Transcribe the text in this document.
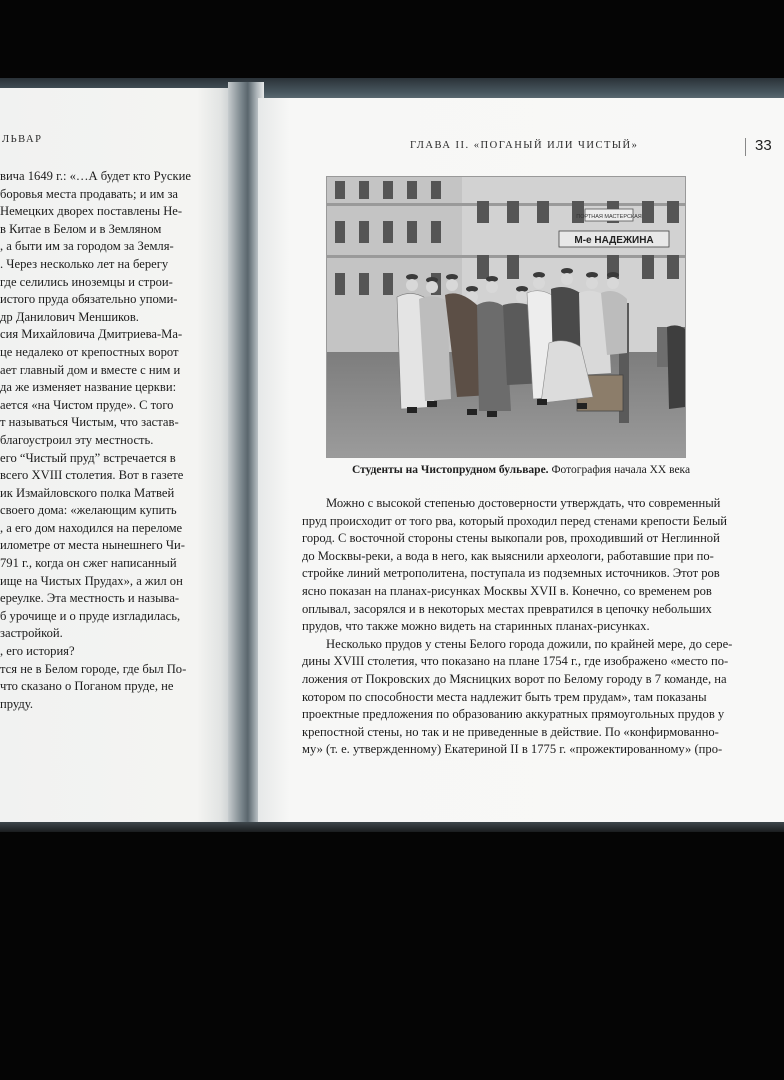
ЛЬВАР
вича 1649 г.: «…А будет кто Руские
боровья места продавать; и им за
Немецких дворех поставлены Не-
в Китае в Белом и в Земляном
, а быти им за городом за Земля-
. Через несколько лет на берегу
где селились иноземцы и строи-
истого пруда обязательно упоми-
др Данилович Меншиков.
сия Михайловича Дмитриева-Ма-
це недалеко от крепостных ворот
ает главный дом и вместе с ним и
да же изменяет название церкви:
ается «на Чистом пруде». С того
т называться Чистым, что застав-
благоустроил эту местность.
его “Чистый пруд” встречается в
всего XVIII столетия. Вот в газете
ик Измайловского полка Матвей
своего дома: «желающим купить
, а его дом находился на переломе
илометре от места нынешнего Чи-
791 г., когда он сжег написанный
ище на Чистых Прудах», а жил он
ереулке. Эта местность и называ-
б урочище и о пруде изгладилась,
застройкой.
, его история?
тся не в Белом городе, где был По-
что сказано о Поганом пруде, не
пруду.
ГЛАВА II. «ПОГАНЫЙ ИЛИ ЧИСТЫЙ»	33
ПОРТНАЯ МАСТЕРСКАЯ
М-е НАДЕЖИНА
Студенты на Чистопрудном бульваре. Фотография начала XX века
Можно с высокой степенью достоверности утверждать, что современный
пруд происходит от того рва, который проходил перед стенами крепости Белый
город. С восточной стороны стены выкопали ров, проходивший от Неглинной
до Москвы-реки, а вода в него, как выяснили археологи, работавшие при по-
стройке линий метрополитена, поступала из подземных источников. Этот ров
ясно показан на планах-рисунках Москвы XVII в. Конечно, со временем ров
оплывал, засорялся и в некоторых местах превратился в цепочку небольших
прудов, что также можно видеть на старинных планах-рисунках.
Несколько прудов у стены Белого города дожили, по крайней мере, до сере-
дины XVIII столетия, что показано на плане 1754 г., где изображено «место по-
ложения от Покровских до Мясницких ворот по Белому городу в 7 команде, на
котором по способности места надлежит быть трем прудам», там показаны
проектные предложения по образованию аккуратных прямоугольных прудов у
крепостной стены, но так и не приведенные в действие. По «конфирмованно-
му» (т. е. утвержденному) Екатериной II в 1775 г. «прожектированному» (про-
